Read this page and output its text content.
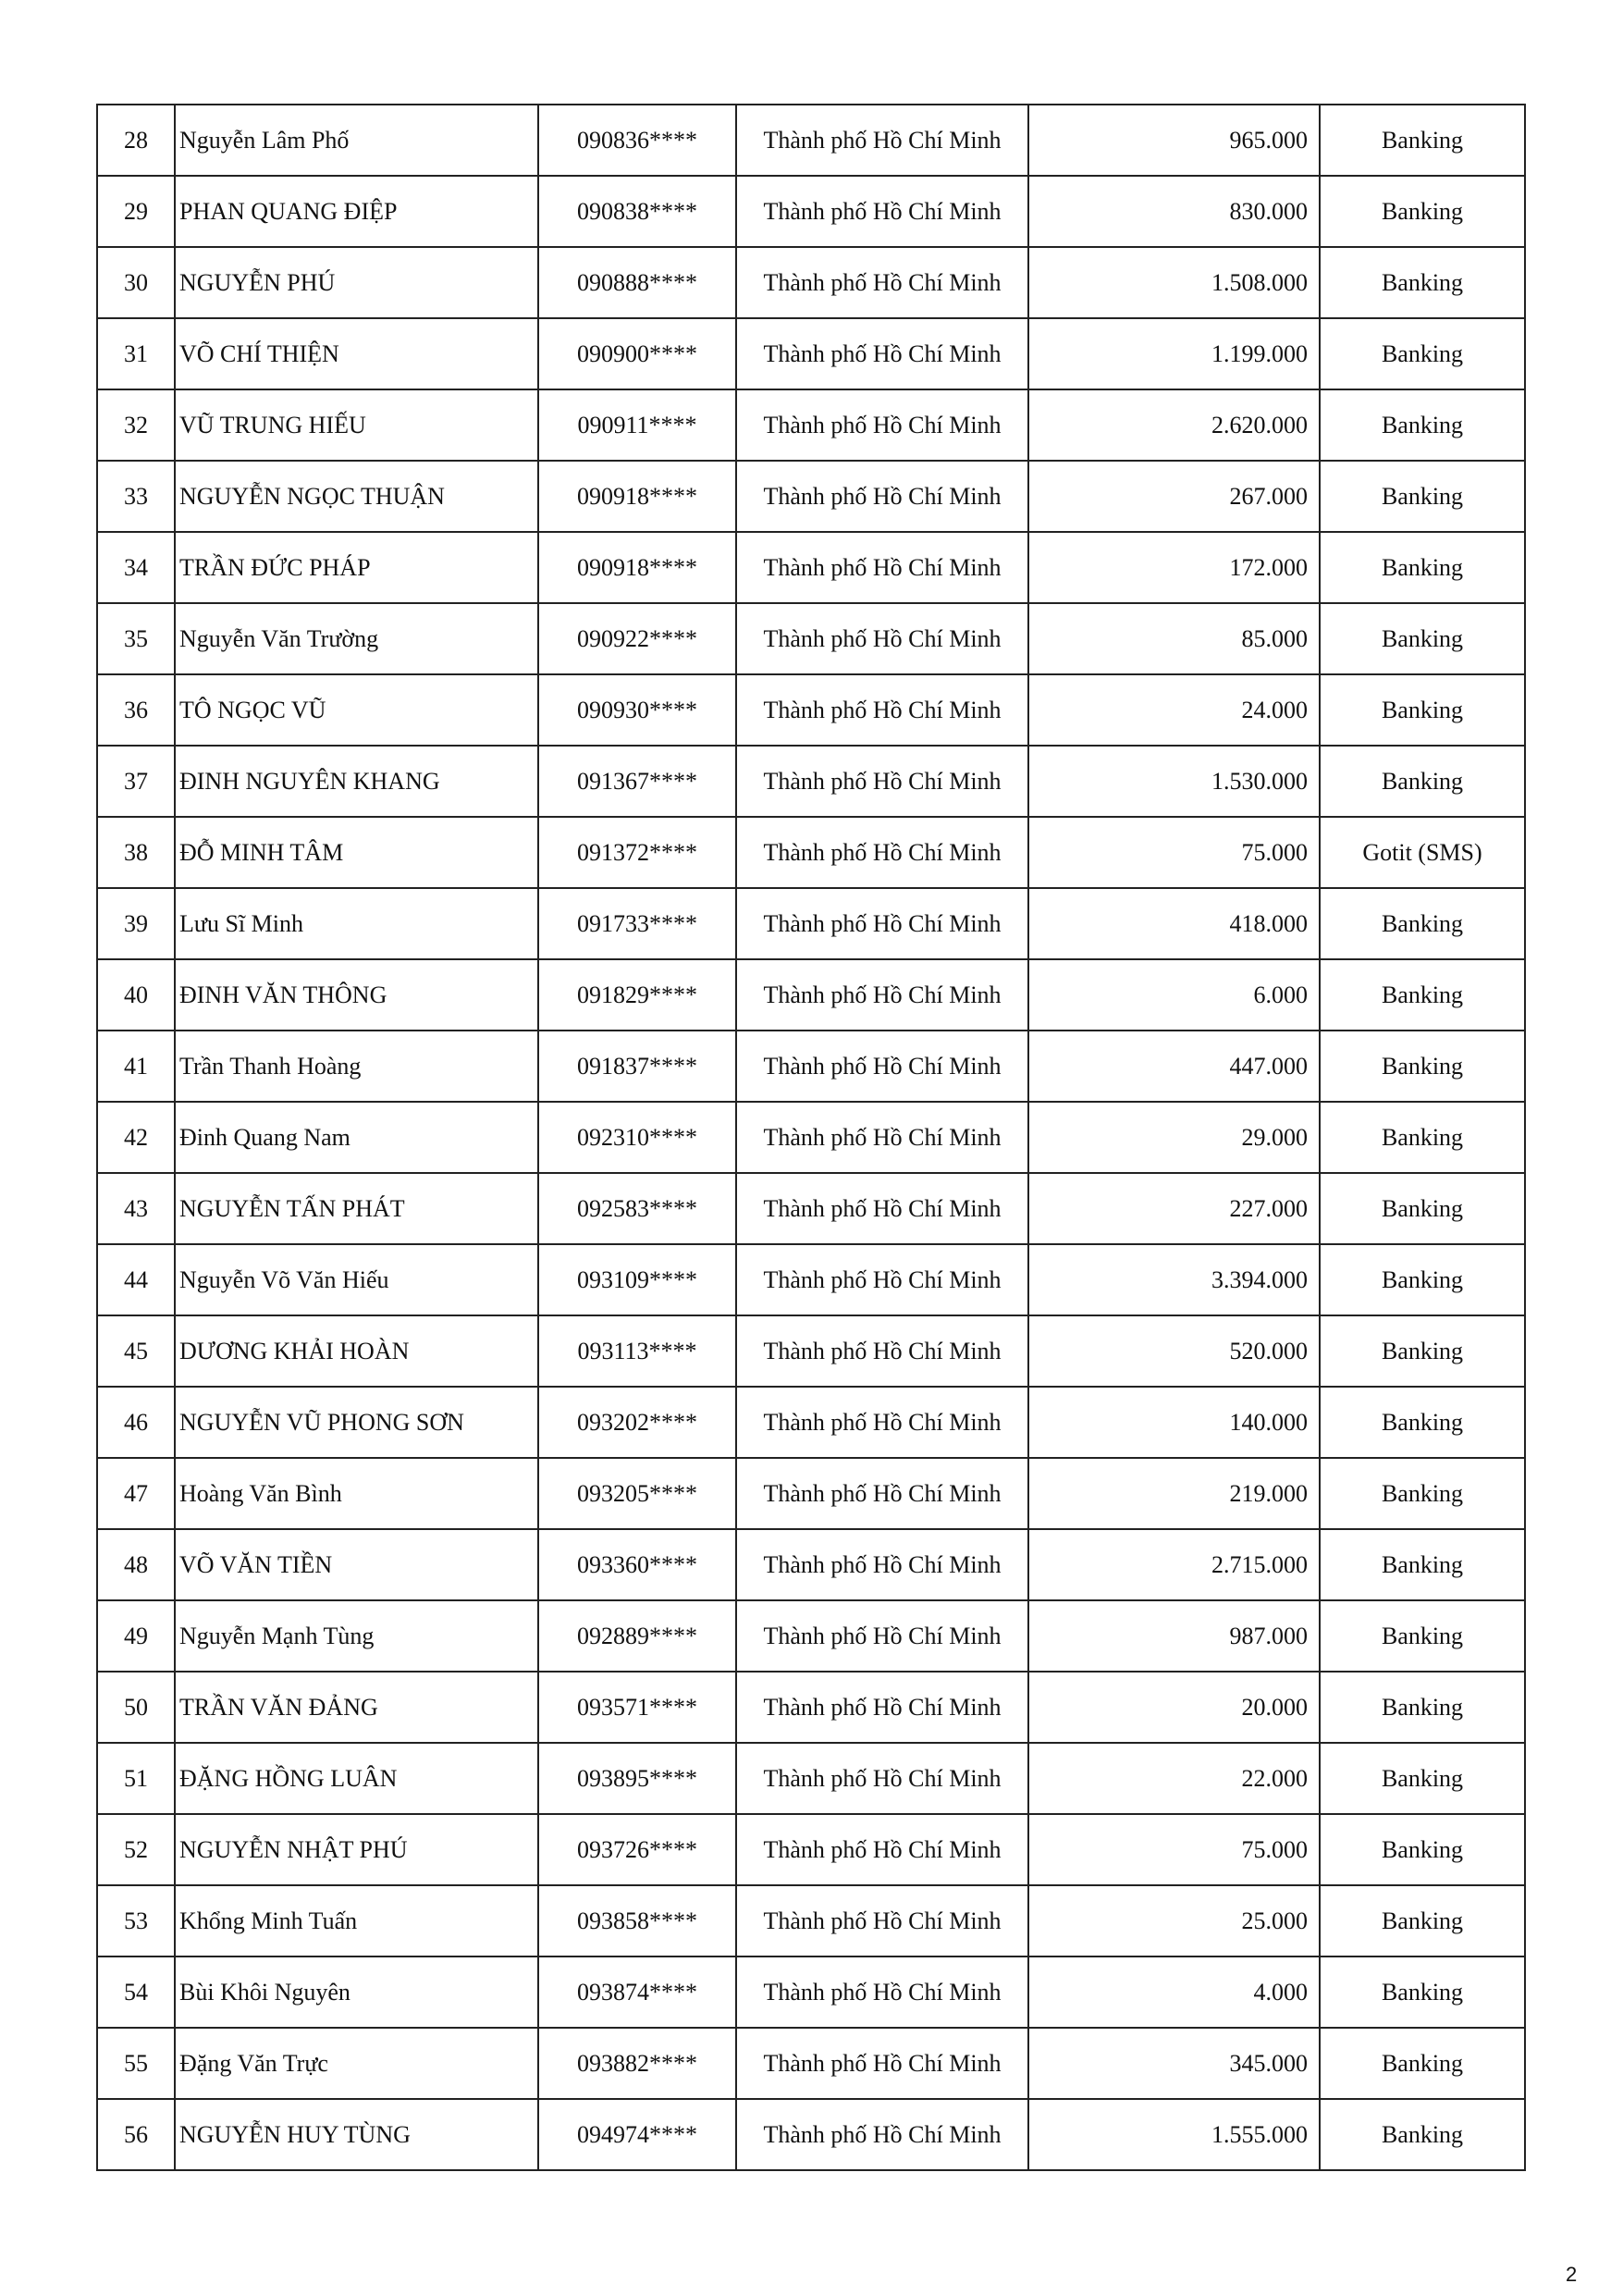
28	Nguyễn Lâm Phố	090836****	Thành phố Hồ Chí Minh	965.000	Banking
29	PHAN QUANG ĐIỆP	090838****	Thành phố Hồ Chí Minh	830.000	Banking
30	NGUYỄN PHÚ	090888****	Thành phố Hồ Chí Minh	1.508.000	Banking
31	VÕ CHÍ THIỆN	090900****	Thành phố Hồ Chí Minh	1.199.000	Banking
32	VŨ TRUNG HIẾU	090911****	Thành phố Hồ Chí Minh	2.620.000	Banking
33	NGUYỄN NGỌC THUẬN	090918****	Thành phố Hồ Chí Minh	267.000	Banking
34	TRẦN ĐỨC PHÁP	090918****	Thành phố Hồ Chí Minh	172.000	Banking
35	Nguyễn Văn Trường	090922****	Thành phố Hồ Chí Minh	85.000	Banking
36	TÔ NGỌC VŨ	090930****	Thành phố Hồ Chí Minh	24.000	Banking
37	ĐINH NGUYÊN KHANG	091367****	Thành phố Hồ Chí Minh	1.530.000	Banking
38	ĐỖ MINH TÂM	091372****	Thành phố Hồ Chí Minh	75.000	Gotit (SMS)
39	Lưu Sĩ Minh	091733****	Thành phố Hồ Chí Minh	418.000	Banking
40	ĐINH VĂN THÔNG	091829****	Thành phố Hồ Chí Minh	6.000	Banking
41	Trần Thanh Hoàng	091837****	Thành phố Hồ Chí Minh	447.000	Banking
42	Đinh Quang Nam	092310****	Thành phố Hồ Chí Minh	29.000	Banking
43	NGUYỄN TẤN PHÁT	092583****	Thành phố Hồ Chí Minh	227.000	Banking
44	Nguyễn Võ Văn Hiếu	093109****	Thành phố Hồ Chí Minh	3.394.000	Banking
45	DƯƠNG KHẢI HOÀN	093113****	Thành phố Hồ Chí Minh	520.000	Banking
46	NGUYỄN VŨ PHONG SƠN	093202****	Thành phố Hồ Chí Minh	140.000	Banking
47	Hoàng Văn Bình	093205****	Thành phố Hồ Chí Minh	219.000	Banking
48	VÕ VĂN TIỀN	093360****	Thành phố Hồ Chí Minh	2.715.000	Banking
49	Nguyễn Mạnh Tùng	092889****	Thành phố Hồ Chí Minh	987.000	Banking
50	TRẦN VĂN ĐẢNG	093571****	Thành phố Hồ Chí Minh	20.000	Banking
51	ĐẶNG HỒNG LUÂN	093895****	Thành phố Hồ Chí Minh	22.000	Banking
52	NGUYỄN NHẬT PHÚ	093726****	Thành phố Hồ Chí Minh	75.000	Banking
53	Khổng Minh Tuấn	093858****	Thành phố Hồ Chí Minh	25.000	Banking
54	Bùi Khôi Nguyên	093874****	Thành phố Hồ Chí Minh	4.000	Banking
55	Đặng Văn Trực	093882****	Thành phố Hồ Chí Minh	345.000	Banking
56	NGUYỄN HUY TÙNG	094974****	Thành phố Hồ Chí Minh	1.555.000	Banking
2
